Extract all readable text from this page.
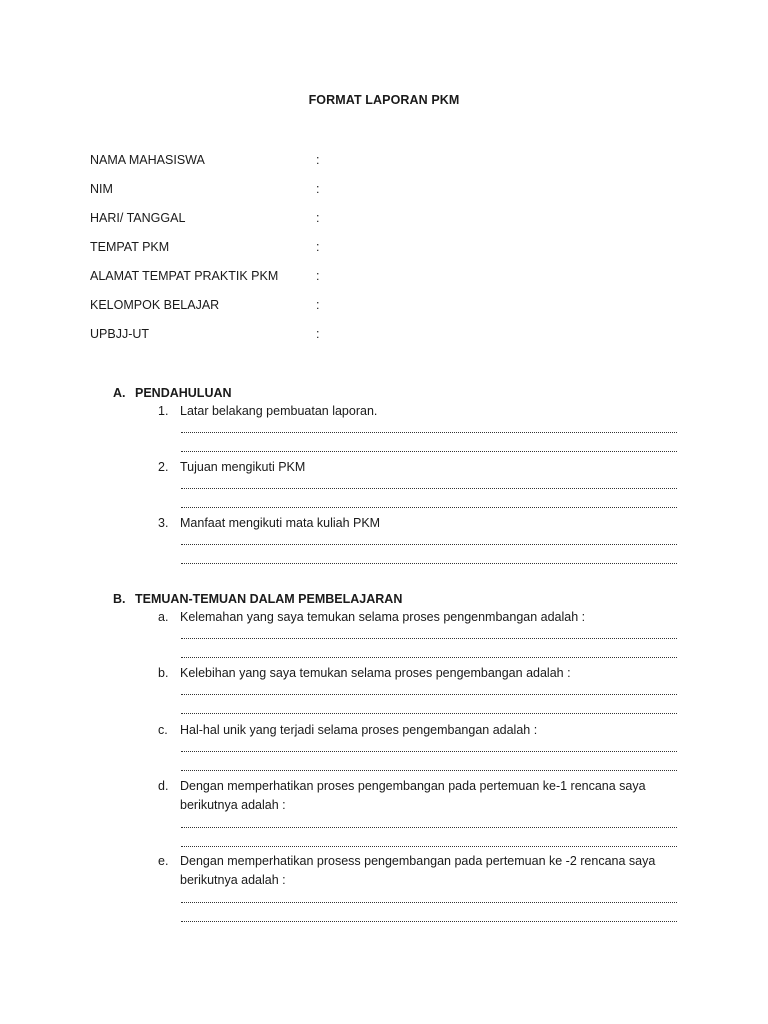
FORMAT LAPORAN PKM
NAMA MAHASISWA	:
NIM	:
HARI/ TANGGAL	:
TEMPAT PKM	:
ALAMAT TEMPAT PRAKTIK PKM	:
KELOMPOK BELAJAR	:
UPBJJ-UT	:
A. PENDAHULUAN
1. Latar belakang pembuatan laporan.
2. Tujuan mengikuti PKM
3. Manfaat mengikuti mata kuliah PKM
B. TEMUAN-TEMUAN DALAM PEMBELAJARAN
a. Kelemahan yang saya temukan selama proses pengenmbangan adalah :
b. Kelebihan yang saya temukan selama proses pengembangan adalah :
c. Hal-hal unik yang terjadi selama proses pengembangan adalah :
d. Dengan memperhatikan proses pengembangan pada pertemuan ke-1 rencana saya berikutnya adalah :
e. Dengan memperhatikan prosess pengembangan pada pertemuan ke -2 rencana saya berikutnya adalah :
